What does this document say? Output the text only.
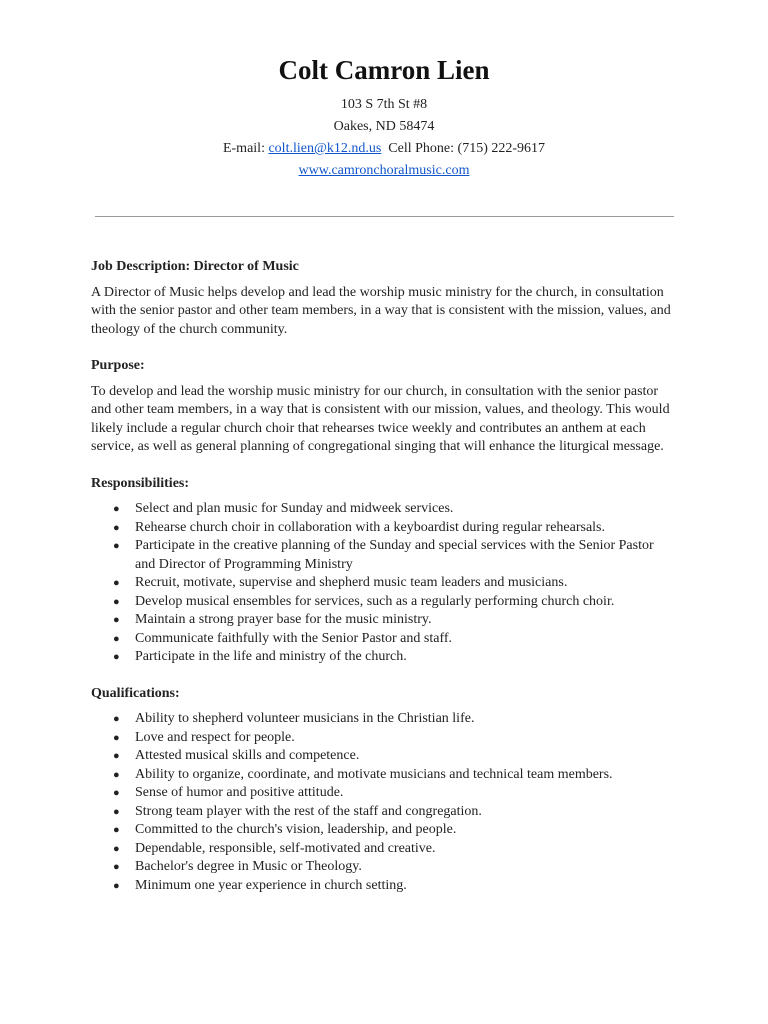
Colt Camron Lien
103 S 7th St #8
Oakes, ND 58474
E-mail: colt.lien@k12.nd.us Cell Phone: (715) 222-9617
www.camronchoralmusic.com

Job Description: Director of Music

A Director of Music helps develop and lead the worship music ministry for the church, in consultation with the senior pastor and other team members, in a way that is consistent with the mission, values, and theology of the church community.

Purpose:

To develop and lead the worship music ministry for our church, in consultation with the senior pastor and other team members, in a way that is consistent with our mission, values, and theology. This would likely include a regular church choir that rehearses twice weekly and contributes an anthem at each service, as well as general planning of congregational singing that will enhance the liturgical message.

Responsibilities:

● Select and plan music for Sunday and midweek services.
● Rehearse church choir in collaboration with a keyboardist during regular rehearsals.
● Participate in the creative planning of the Sunday and special services with the Senior Pastor and Director of Programming Ministry
● Recruit, motivate, supervise and shepherd music team leaders and musicians.
● Develop musical ensembles for services, such as a regularly performing church choir.
● Maintain a strong prayer base for the music ministry.
● Communicate faithfully with the Senior Pastor and staff.
● Participate in the life and ministry of the church.

Qualifications:

● Ability to shepherd volunteer musicians in the Christian life.
● Love and respect for people.
● Attested musical skills and competence.
● Ability to organize, coordinate, and motivate musicians and technical team members.
● Sense of humor and positive attitude.
● Strong team player with the rest of the staff and congregation.
● Committed to the church's vision, leadership, and people.
● Dependable, responsible, self-motivated and creative.
● Bachelor's degree in Music or Theology.
● Minimum one year experience in church setting.
